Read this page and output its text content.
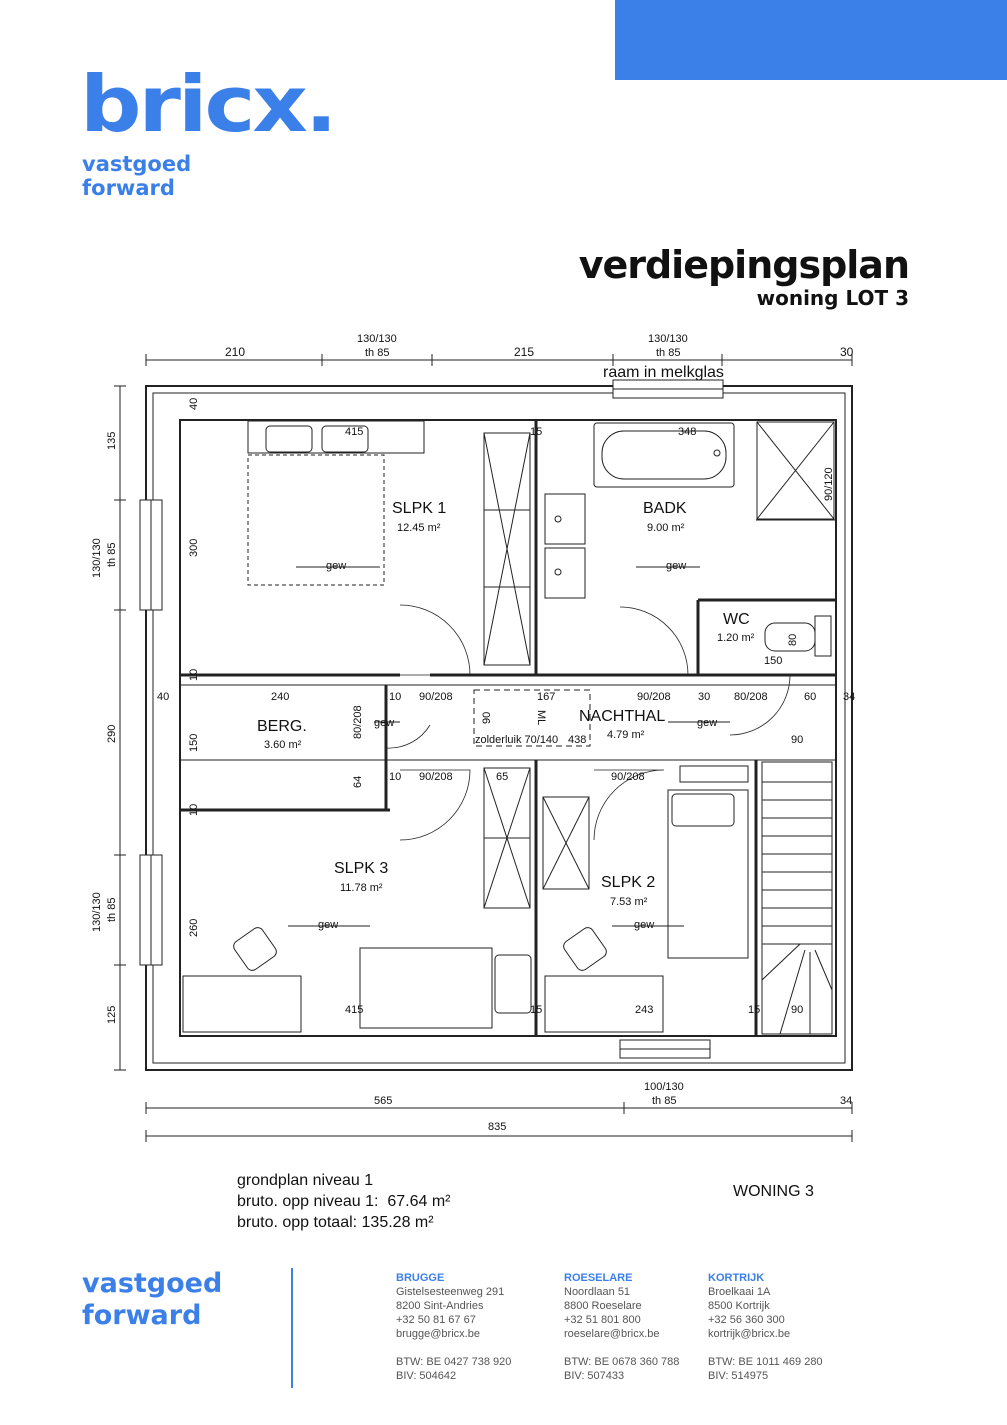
bricx.
vastgoed
forward
verdiepingsplan
woning LOT 3
210
130/130
th 85	215
130/130
th 85	30
raam in melkglas
135
130/130 th 85
290
130/130 th 85
125
100/130
th 85
565	34
835
SLPK 1
12.45 m²
BADK
9.00 m²
WC
1.20 m²
BERG.
3.60 m²
NACHTHAL
4.79 m²
SLPK 3
11.78 m²	SLPK 2
7.53 m²
gew	gew
gew
gew
gew	gew
40
415	15	348
300
90/120
80
150
10
40	240	10 90/208	167	90/208 30 80/208	60
150
80/208	90	ML
zolderluik 70/140 438	90
64 10 90/208	65	90/208
10
260
415	15	243	15	90
34
grondplan niveau 1
bruto. opp niveau 1:  67.64 m²
bruto. opp totaal: 135.28 m²
WONING 3
vastgoed
forward
BRUGGE
Gistelsesteenweg 291
8200 Sint-Andries
+32 50 81 67 67
brugge@bricx.be
BTW: BE 0427 738 920
BIV: 504642
ROESELARE
Noordlaan 51
8800 Roeselare
+32 51 801 800
roeselare@bricx.be
BTW: BE 0678 360 788
BIV: 507433
KORTRIJK
Broelkaai 1A
8500 Kortrijk
+32 56 360 300
kortrijk@bricx.be
BTW: BE 1011 469 280
BIV: 514975
